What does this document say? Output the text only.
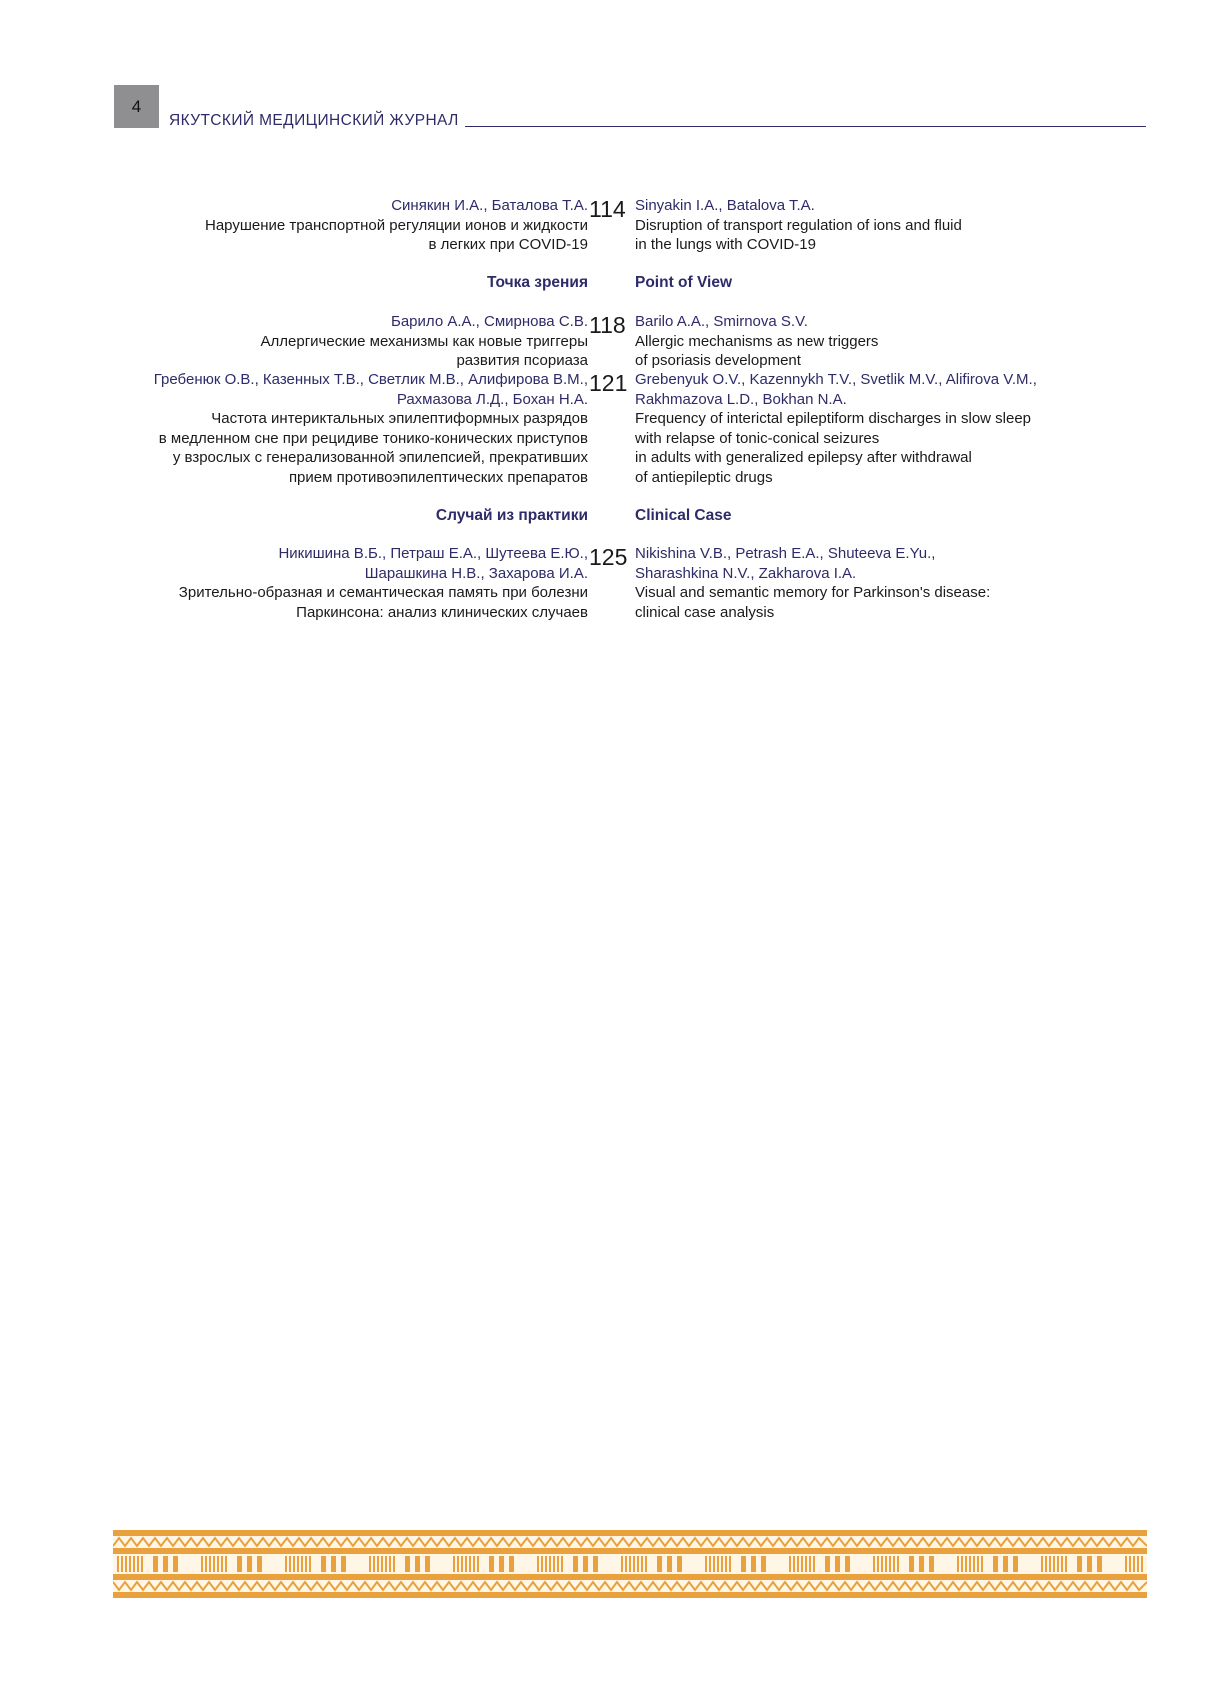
4
ЯКУТСКИЙ МЕДИЦИНСКИЙ ЖУРНАЛ
Синякин И.А., Баталова Т.А.
Нарушение транспортной регуляции ионов и жидкости
в легких при COVID-19
114 Sinyakin I.A., Batalova T.A.
Disruption of transport regulation of ions and fluid
in the lungs with COVID-19
Точка зрения	Point of View
Барило А.А., Смирнова С.В.
Аллергические механизмы как новые триггеры
развития псориаза
118 Barilo A.A., Smirnova S.V.
Allergic mechanisms as new triggers
of psoriasis development
Гребенюк О.В., Казенных Т.В., Светлик М.В., Алифирова В.М.,
Рахмазова Л.Д., Бохан Н.А.
Частота интериктальных эпилептиформных разрядов
в медленном сне при рецидиве тонико-конических приступов
у взрослых с генерализованной эпилепсией, прекративших
прием противоэпилептических препаратов
121 Grebenyuk O.V., Kazennykh T.V., Svetlik M.V., Alifirova V.M.,
Rakhmazova L.D., Bokhan N.A.
Frequency of interictal epileptiform discharges in slow sleep
with relapse of tonic-conical seizures
in adults with generalized epilepsy after withdrawal
of antiepileptic drugs
Случай из практики	Clinical Case
Никишина В.Б., Петраш Е.А., Шутеева Е.Ю.,
Шарашкина Н.В., Захарова И.А.
Зрительно-образная и семантическая память при болезни
Паркинсона: анализ клинических случаев
125 Nikishina V.B., Petrash E.A., Shuteeva E.Yu.,
Sharashkina N.V., Zakharova I.A.
Visual and semantic memory for Parkinson's disease:
clinical case analysis
